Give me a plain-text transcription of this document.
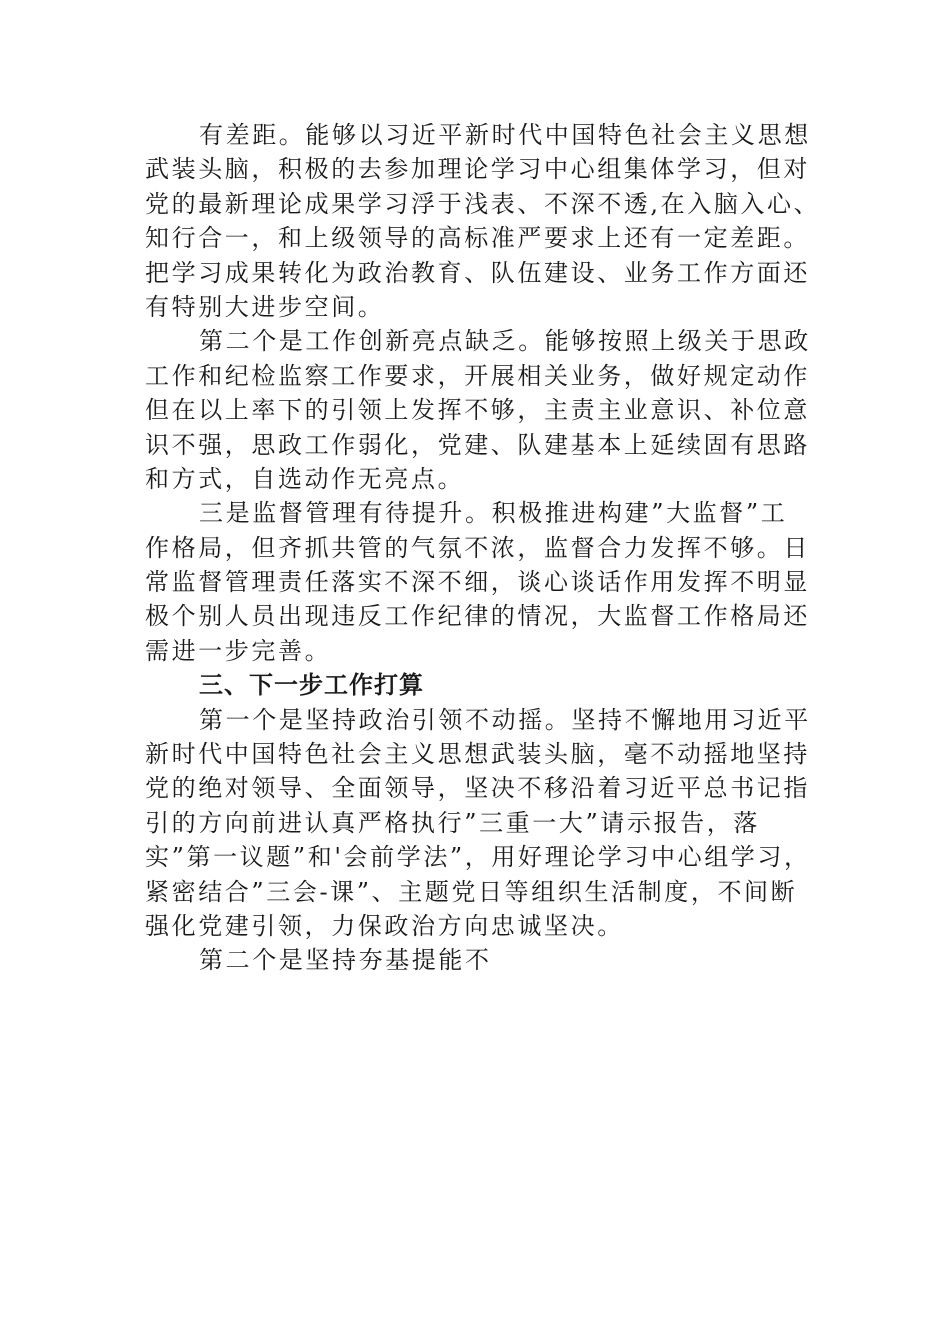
有差距。能够以习近平新时代中国特色社会主义思想
武装头脑，积极的去参加理论学习中心组集体学习，但对
党的最新理论成果学习浮于浅表、不深不透,在入脑入心、
知行合一，和上级领导的高标准严要求上还有一定差距。
把学习成果转化为政治教育、队伍建设、业务工作方面还
有特别大进步空间。
第二个是工作创新亮点缺乏。能够按照上级关于思政
工作和纪检监察工作要求，开展相关业务，做好规定动作
但在以上率下的引领上发挥不够，主责主业意识、补位意
识不强，思政工作弱化，党建、队建基本上延续固有思路
和方式，自选动作无亮点。
三是监督管理有待提升。积极推进构建”大监督”工
作格局，但齐抓共管的气氛不浓，监督合力发挥不够。日
常监督管理责任落实不深不细，谈心谈话作用发挥不明显
极个别人员出现违反工作纪律的情况，大监督工作格局还
需进一步完善。
三、下一步工作打算
第一个是坚持政治引领不动摇。坚持不懈地用习近平
新时代中国特色社会主义思想武装头脑，毫不动摇地坚持
党的绝对领导、全面领导，坚决不移沿着习近平总书记指
引的方向前进认真严格执行”三重一大”请示报告，落
实”第一议题”和'会前学法”，用好理论学习中心组学习，
紧密结合”三会-课”、主题党日等组织生活制度，不间断
强化党建引领，力保政治方向忠诚坚决。
第二个是坚持夯基提能不
